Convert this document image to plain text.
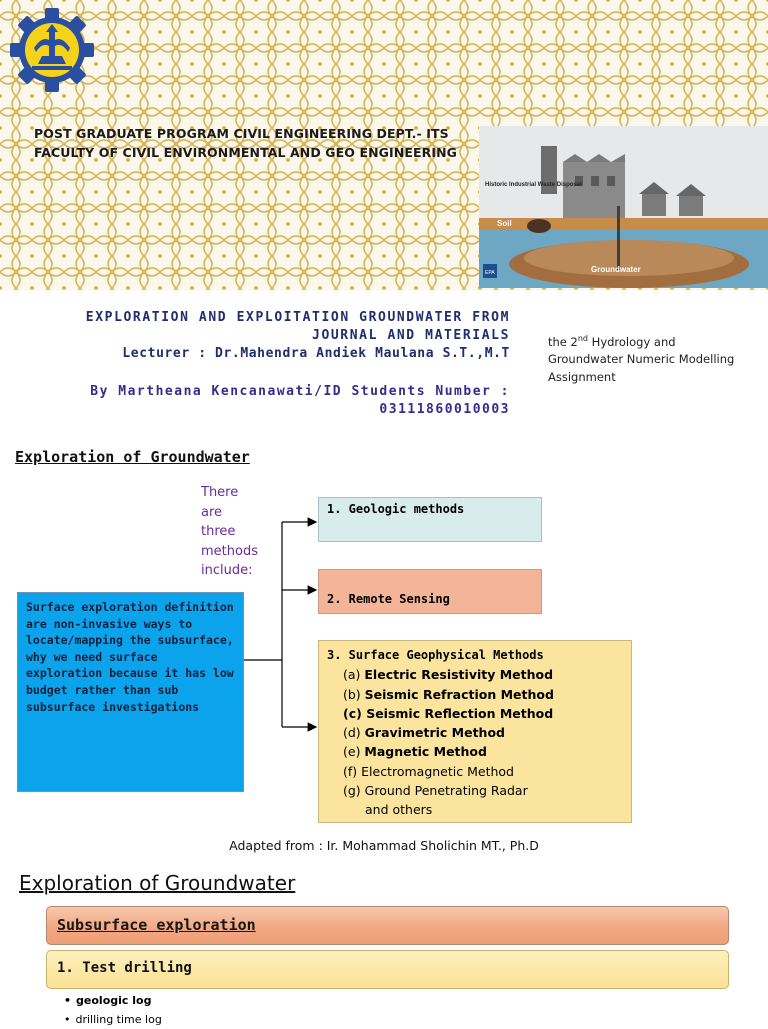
POST GRADUATE PROGRAM CIVIL ENGINEERING DEPT.- ITS
FACULTY OF CIVIL ENVIRONMENTAL AND GEO ENGINEERING
Historic Industrial Waste Disposal
Soil
Groundwater
EPA
EXPLORATION AND EXPLOITATION GROUNDWATER FROM
JOURNAL AND MATERIALS
Lecturer : Dr.Mahendra Andiek Maulana S.T.,M.T
By Martheana Kencanawati/ID Students Number :
03111860010003
the 2nd Hydrology and
Groundwater Numeric Modelling
Assignment
Exploration of Groundwater
There
are
three
methods
include:
Surface exploration definition are non-invasive ways to locate/mapping the subsurface, why we need surface exploration because it has low budget rather than sub subsurface investigations
1. Geologic methods
2. Remote Sensing
3. Surface Geophysical Methods
(a) Electric Resistivity Method
(b) Seismic Refraction Method
(c) Seismic Reflection Method
(d) Gravimetric Method
(e) Magnetic Method
(f) Electromagnetic Method
(g) Ground Penetrating Radar
and others
Adapted from : Ir. Mohammad Sholichin MT., Ph.D
Exploration of Groundwater
Subsurface exploration
1. Test drilling
• geologic log
• drilling time log
